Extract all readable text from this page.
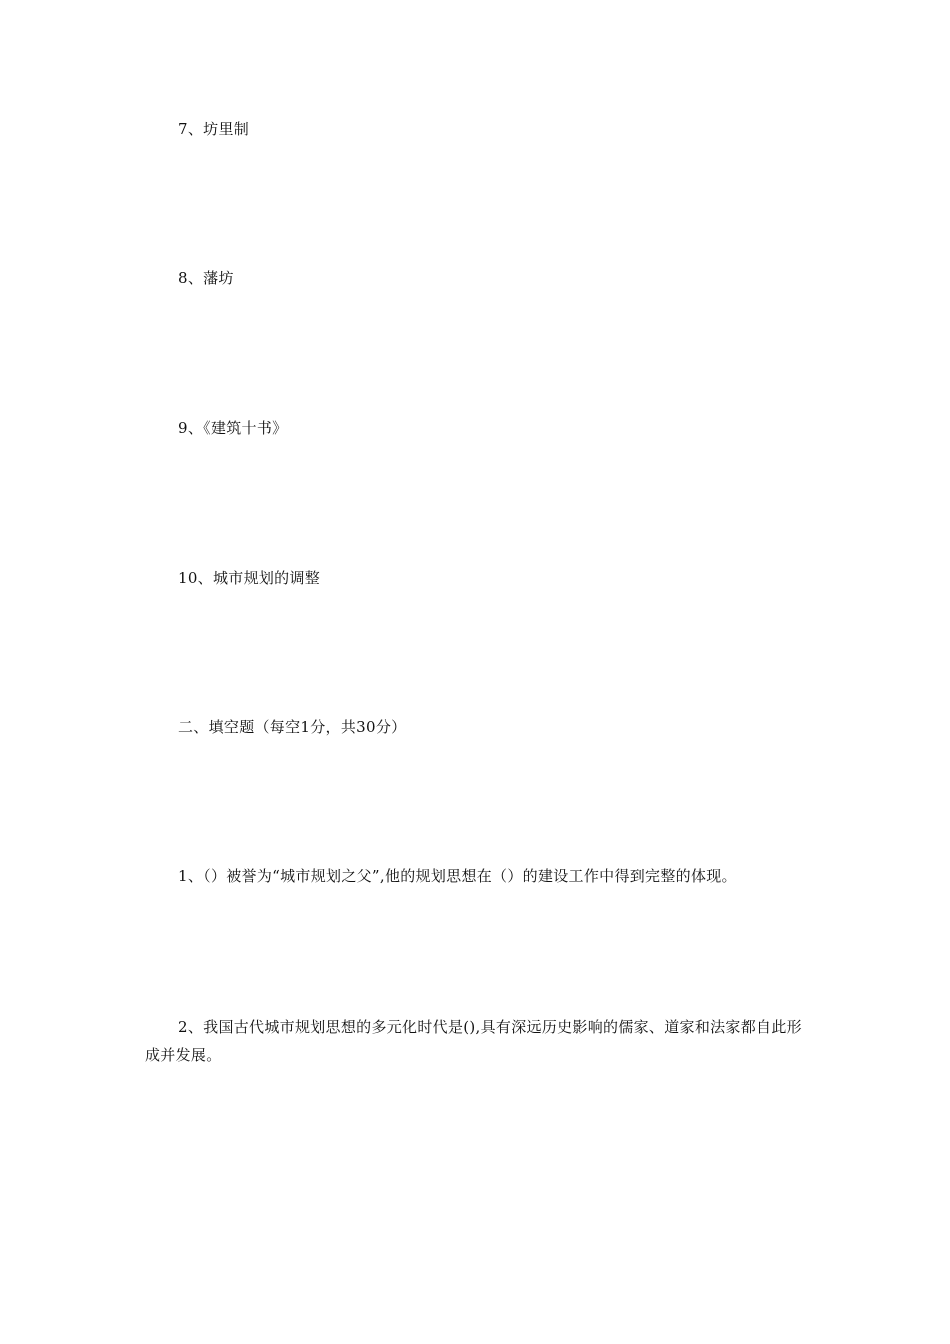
7、坊里制
8、藩坊
9、《建筑十书》
10、城市规划的调整
二、填空题（每空1分，共30分）
1、（）被誉为“城市规划之父”,他的规划思想在（）的建设工作中得到完整的体现。
2、我国古代城市规划思想的多元化时代是(),具有深远历史影响的儒家、道家和法家都自此形成并发展。
